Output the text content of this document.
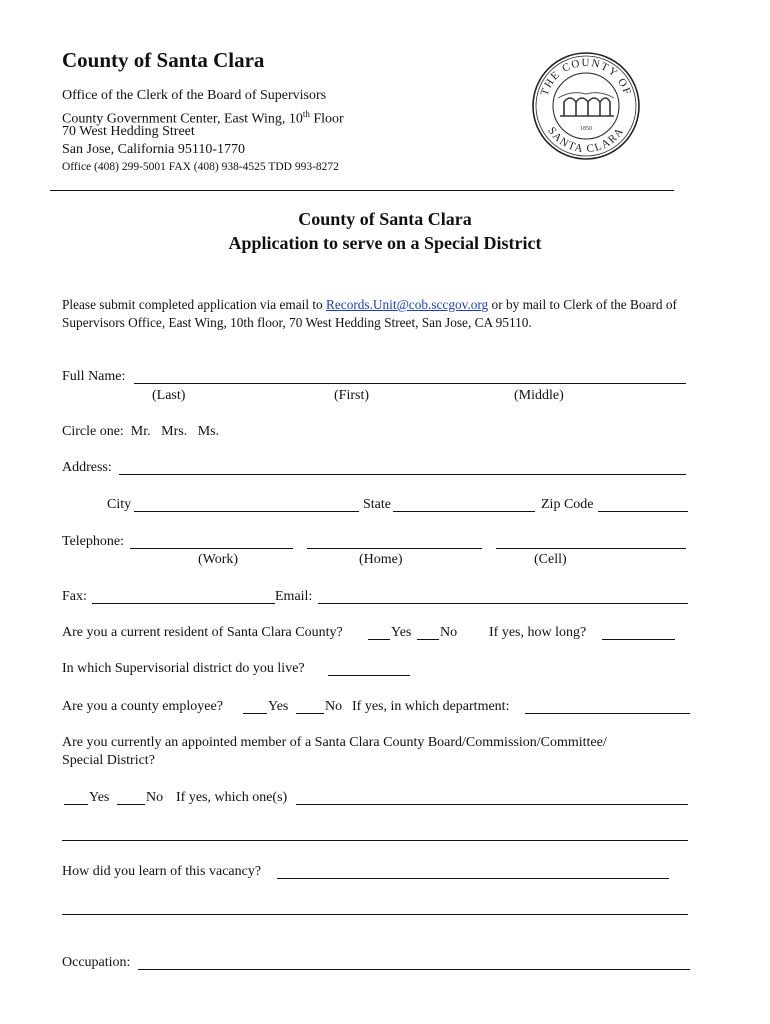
County of Santa Clara
Office of the Clerk of the Board of Supervisors
County Government Center, East Wing, 10th Floor
70 West Hedding Street
San Jose, California 95110-1770
Office (408) 299-5001 FAX (408) 938-4525 TDD 993-8272
THE COUNTY OF
SANTA CLARA
1850
County of Santa Clara
Application to serve on a Special District
Please submit completed application via email to Records.Unit@cob.sccgov.org or by mail to Clerk of the Board of
Supervisors Office, East Wing, 10th floor, 70 West Hedding Street, San Jose, CA 95110.
Full Name:
(Last)	(First)	(Middle)
Circle one:  Mr.   Mrs.   Ms.
Address:
City	State	Zip Code
Telephone:
(Work)	(Home)	(Cell)
Fax:	Email:
Are you a current resident of Santa Clara County?	Yes No If yes, how long?
In which Supervisorial district do you live?
Are you a county employee?	Yes	No If yes, in which department:
Are you currently an appointed member of a Santa Clara County Board/Commission/Committee/
Special District?
Yes	No If yes, which one(s)
How did you learn of this vacancy?
Occupation:
